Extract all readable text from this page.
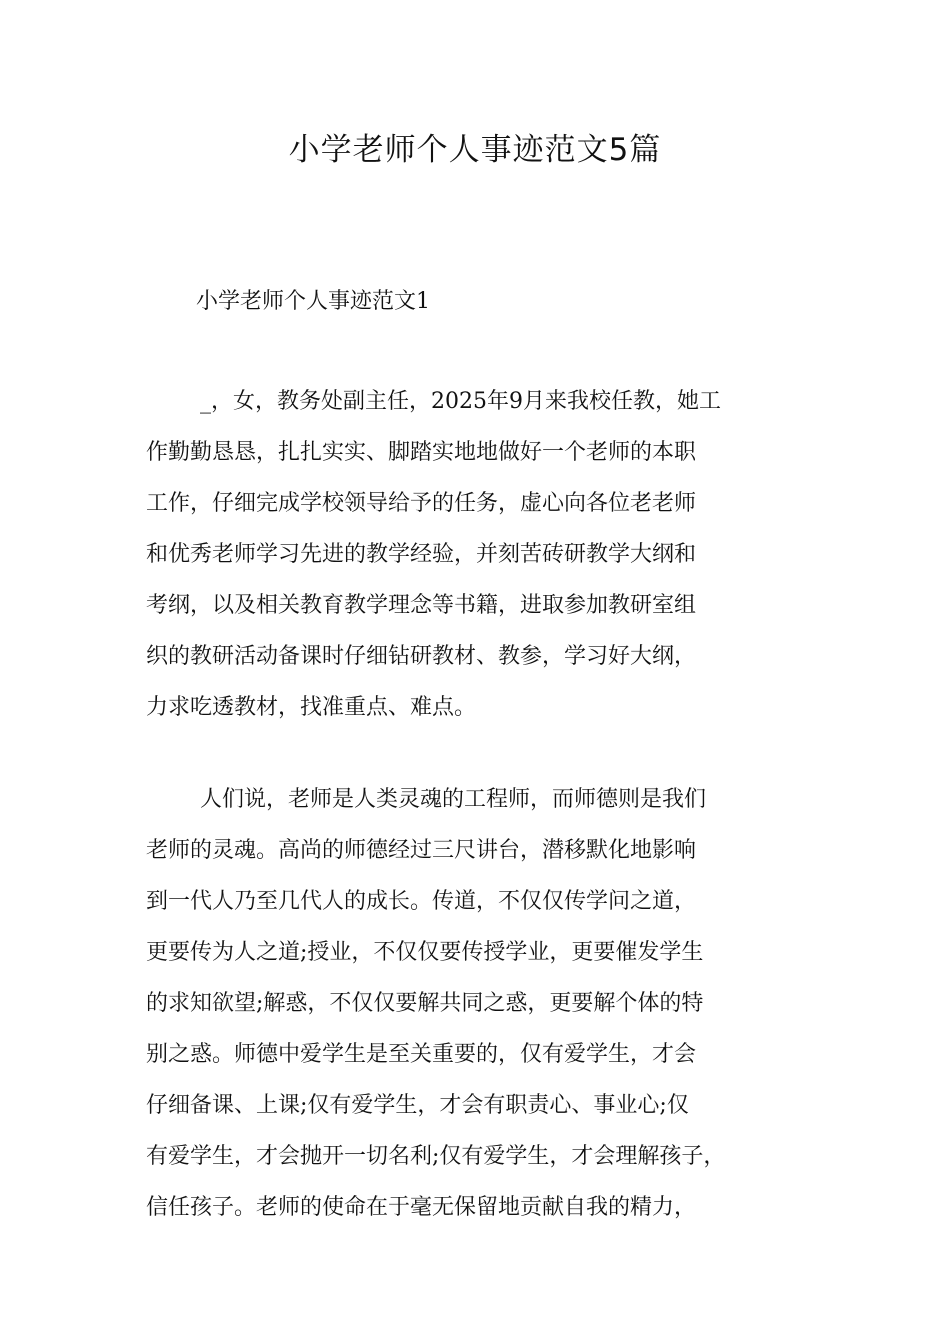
小学老师个人事迹范文5篇

小学老师个人事迹范文1

_，女，教务处副主任，2025年9月来我校任教，她工
作勤勤恳恳，扎扎实实、脚踏实地地做好一个老师的本职
工作，仔细完成学校领导给予的任务，虚心向各位老老师
和优秀老师学习先进的教学经验，并刻苦砖研教学大纲和
考纲，以及相关教育教学理念等书籍，进取参加教研室组
织的教研活动备课时仔细钻研教材、教参，学习好大纲，
力求吃透教材，找准重点、难点。
人们说，老师是人类灵魂的工程师，而师德则是我们
老师的灵魂。高尚的师德经过三尺讲台，潜移默化地影响
到一代人乃至几代人的成长。传道，不仅仅传学问之道，
更要传为人之道;授业，不仅仅要传授学业，更要催发学生
的求知欲望;解惑，不仅仅要解共同之惑，更要解个体的特
别之惑。师德中爱学生是至关重要的，仅有爱学生，才会
仔细备课、上课;仅有爱学生，才会有职责心、事业心;仅
有爱学生，才会抛开一切名利;仅有爱学生，才会理解孩子，
信任孩子。老师的使命在于毫无保留地贡献自我的精力，
